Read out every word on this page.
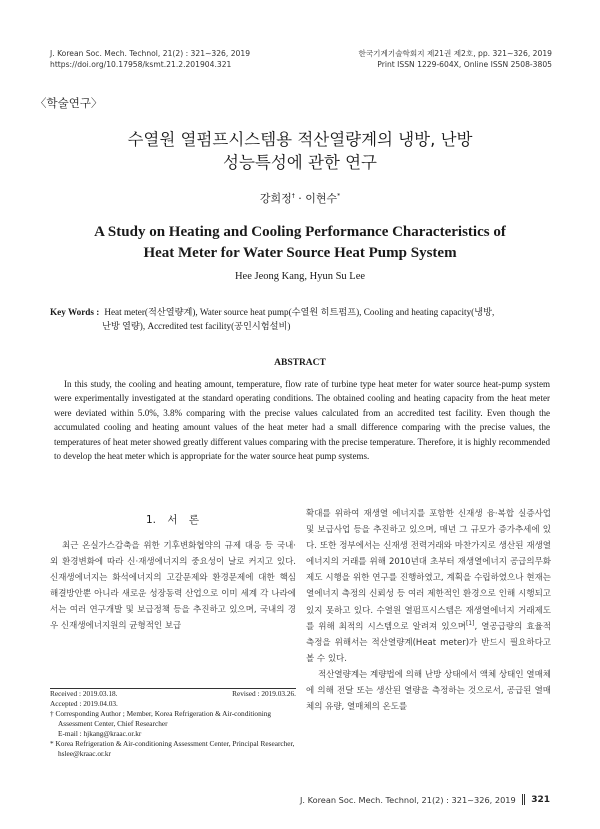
J. Korean Soc. Mech. Technol, 21(2) : 321~326, 2019
https://doi.org/10.17958/ksmt.21.2.201904.321
한국기계기술학회지 제21권 제2호, pp. 321~326, 2019
Print ISSN 1229-604X, Online ISSN 2508-3805
〈학술연구〉
수열원 열펌프시스템용 적산열량계의 냉방, 난방
성능특성에 관한 연구
강희정† · 이현수*
A Study on Heating and Cooling Performance Characteristics of
Heat Meter for Water Source Heat Pump System
Hee Jeong Kang, Hyun Su Lee
Key Words : Heat meter(적산열량계), Water source heat pump(수열원 히트펌프), Cooling and heating capacity(냉방,
난방 열량), Accredited test facility(공인시험설비)
ABSTRACT
In this study, the cooling and heating amount, temperature, flow rate of turbine type heat meter for water source heat-pump system were experimentally investigated at the standard operating conditions. The obtained cooling and heating capacity from the heat meter were deviated within 5.0%, 3.8% comparing with the precise values calculated from an accredited test facility. Even though the accumulated cooling and heating amount values of the heat meter had a small difference comparing with the precise values, the temperatures of heat meter showed greatly different values comparing with the precise temperature. Therefore, it is highly recommended to develop the heat meter which is appropriate for the water source heat pump systems.
1. 서 론
최근 온실가스감축을 위한 기후변화협약의 규제 대응 등 국내·외 환경변화에 따라 신·재생에너지의 중요성이 날로 커지고 있다. 신재생에너지는 화석에너지의 고갈문제와 환경문제에 대한 핵심 해결방안뿐 아니라 새로운 성장동력 산업으로 이미 세계 각 나라에서는 여러 연구개발 및 보급정책 등을 추진하고 있으며, 국내의 경우 신재생에너지원의 균형적인 보급

확대를 위하여 재생열 에너지를 포함한 신재생 융·복합 실증사업 및 보급사업 등을 추진하고 있으며, 매년 그 규모가 증가추세에 있다. 또한 정부에서는 신재생 전력거래와 마찬가지로 생산된 재생열에너지의 거래를 위해 2010년대 초부터 재생열에너지 공급의무화제도 시행을 위한 연구를 진행하였고, 계획을 수립하였으나 현재는 열에너지 측정의 신뢰성 등 여러 제한적인 환경으로 인해 시행되고 있지 못하고 있다. 수열원 열펌프시스템은 재생열에너지 거래제도를 위해 최적의 시스템으로 알려져 있으며[1], 열공급량의 효율적 측정을 위해서는 적산열량계(Heat meter)가 반드시 필요하다고 볼 수 있다.

적산열량계는 계량법에 의해 난방 상태에서 액체 상태인 열매체에 의해 전달 또는 생산된 열량을 측정하는 것으로서, 공급된 열매체의 유량, 열매체의 온도를

Received : 2019.03.18.	Revised : 2019.03.26.
Accepted : 2019.04.03.
† Corresponding Author ; Member, Korea Refrigeration & Air-conditioning Assessment Center, Chief Researcher
E-mail : hjkang@kraac.or.kr
* Korea Refrigeration & Air-conditioning Assessment Center, Principal Researcher, hslee@kraac.or.kr
J. Korean Soc. Mech. Technol, 21(2) : 321~326, 2019 321
